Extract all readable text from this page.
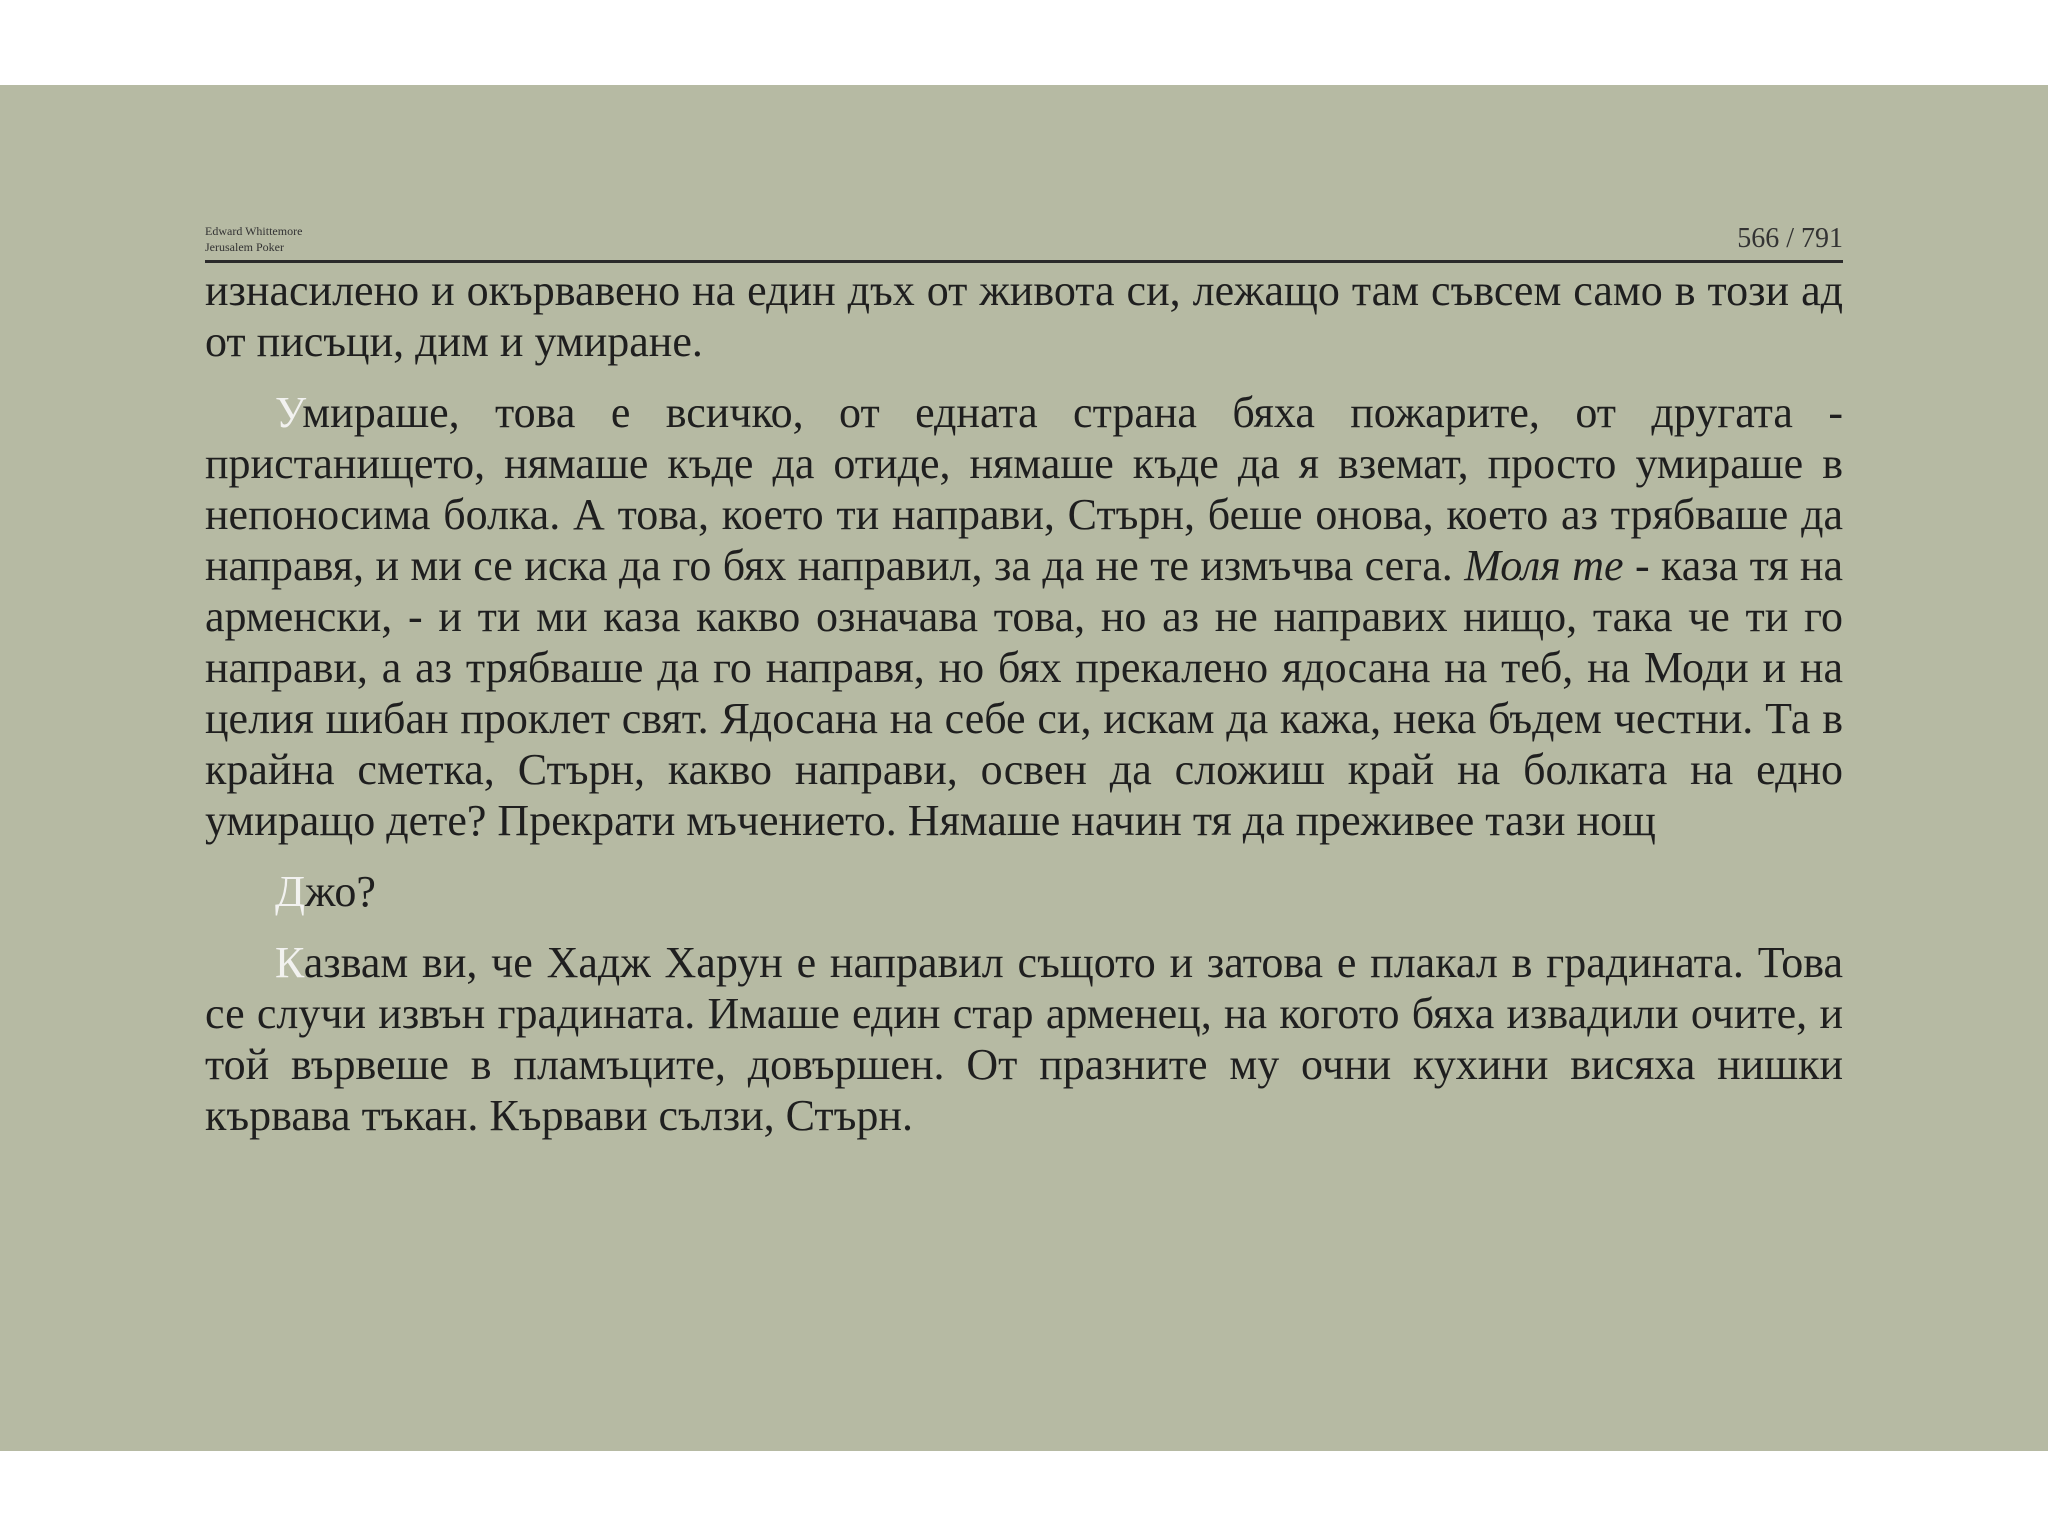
Edward Whittemore
Jerusalem Poker	566 / 791

изнасилено и окървавено на един дъх от живота си, лежащо там съвсем само в този ад от писъци, дим и умиране.

Умираше, това е всичко, от едната страна бяха пожарите, от другата - пристанището, нямаше къде да отиде, нямаше къде да я вземат, просто умираше в непоносима болка. А това, което ти направи, Стърн, беше онова, което аз трябваше да направя, и ми се иска да го бях направил, за да не те измъчва сега. Моля те - каза тя на арменски, - и ти ми каза какво означава това, но аз не направих нищо, така че ти го направи, а аз трябваше да го направя, но бях прекалено ядосана на теб, на Моди и на целия шибан проклет свят. Ядосана на себе си, искам да кажа, нека бъдем честни. Та в крайна сметка, Стърн, какво направи, освен да сложиш край на болката на едно умиращо дете? Прекрати мъчението. Нямаше начин тя да преживее тази нощ

Джо?

Казвам ви, че Хадж Харун е направил същото и затова е плакал в градината. Това се случи извън градината. Имаше един стар арменец, на когото бяха извадили очите, и той вървеше в пламъците, довършен. От празните му очни кухини висяха нишки кървава тъкан. Кървави сълзи, Стърн.
